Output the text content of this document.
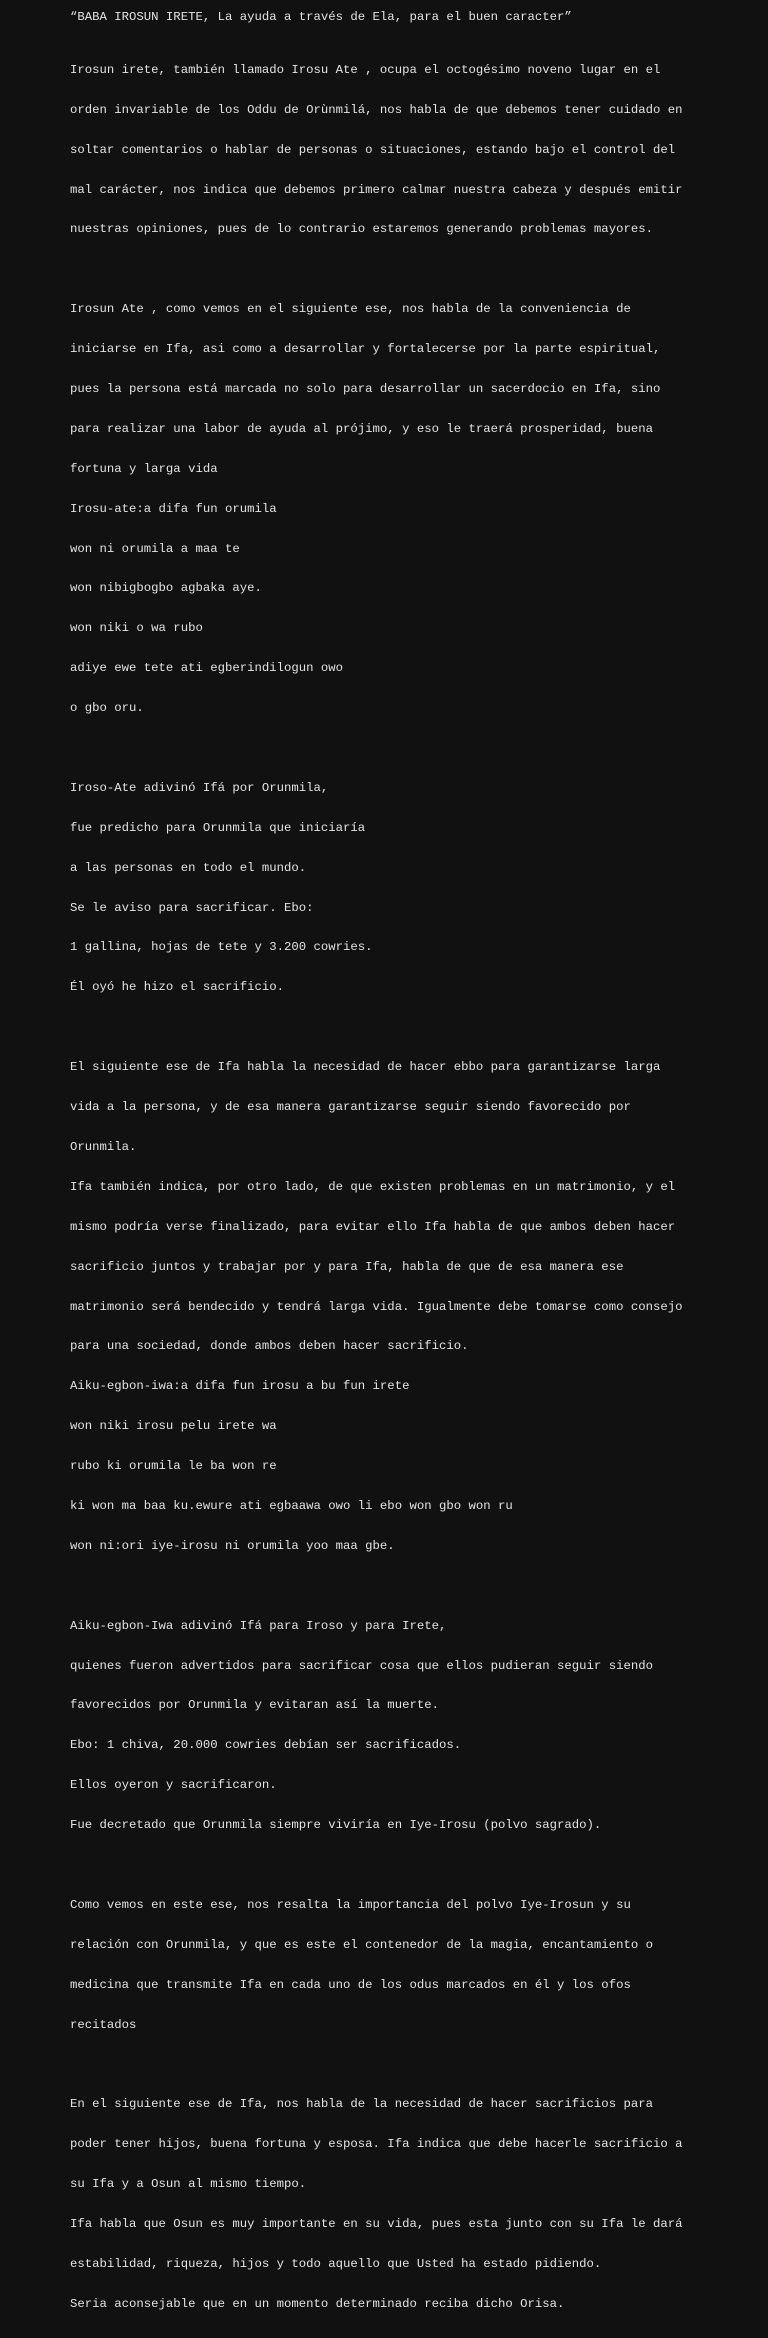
“BABA IROSUN IRETE, La ayuda a través de Ela, para el buen caracter”

Irosun irete, también llamado Irosu Ate , ocupa el octogésimo noveno lugar en el

orden invariable de los Oddu de Orùnmilá, nos habla de que debemos tener cuidado en

soltar comentarios o hablar de personas o situaciones, estando bajo el control del

mal carácter, nos indica que debemos primero calmar nuestra cabeza y después emitir

nuestras opiniones, pues de lo contrario estaremos generando problemas mayores.

Irosun Ate , como vemos en el siguiente ese, nos habla de la conveniencia de

iniciarse en Ifa, asi como a desarrollar y fortalecerse por la parte espiritual,

pues la persona está marcada no solo para desarrollar un sacerdocio en Ifa, sino

para realizar una labor de ayuda al prójimo, y eso le traerá prosperidad, buena

fortuna y larga vida

Irosu-ate:a difa fun orumila

won ni orumila a maa te

won nibigbogbo agbaka aye.

won niki o wa rubo

adiye ewe tete ati egberindilogun owo

o gbo oru.

Iroso-Ate adivinó Ifá por Orunmila,

fue predicho para Orunmila que iniciaría

a las personas en todo el mundo.

Se le aviso para sacrificar. Ebo:

1 gallina, hojas de tete y 3.200 cowries.

Él oyó he hizo el sacrificio.

El siguiente ese de Ifa habla la necesidad de hacer ebbo para garantizarse larga

vida a la persona, y de esa manera garantizarse seguir siendo favorecido por

Orunmila.

Ifa también indica, por otro lado, de que existen problemas en un matrimonio, y el

mismo podría verse finalizado, para evitar ello Ifa habla de que ambos deben hacer

sacrificio juntos y trabajar por y para Ifa, habla de que de esa manera ese

matrimonio será bendecido y tendrá larga vida. Igualmente debe tomarse como consejo

para una sociedad, donde ambos deben hacer sacrificio.

Aiku-egbon-iwa:a difa fun irosu a bu fun irete

won niki irosu pelu irete wa

rubo ki orumila le ba won re

ki won ma baa ku.ewure ati egbaawa owo li ebo won gbo won ru

won ni:ori iye-irosu ni orumila yoo maa gbe.

Aiku-egbon-Iwa adivinó Ifá para Iroso y para Irete,

quienes fueron advertidos para sacrificar cosa que ellos pudieran seguir siendo

favorecidos por Orunmila y evitaran así la muerte.

Ebo: 1 chiva, 20.000 cowries debían ser sacrificados.

Ellos oyeron y sacrificaron.

Fue decretado que Orunmila siempre viviría en Iye-Irosu (polvo sagrado).

Como vemos en este ese, nos resalta la importancia del polvo Iye-Irosun y su

relación con Orunmila, y que es este el contenedor de la magia, encantamiento o

medicina que transmite Ifa en cada uno de los odus marcados en él y los ofos

recitados

En el siguiente ese de Ifa, nos habla de la necesidad de hacer sacrificios para

poder tener hijos, buena fortuna y esposa. Ifa indica que debe hacerle sacrificio a

su Ifa y a Osun al mismo tiempo.

Ifa habla que Osun es muy importante en su vida, pues esta junto con su Ifa le dará

estabilidad, riqueza, hijos y todo aquello que Usted ha estado pidiendo.

Seria aconsejable que en un momento determinado reciba dicho Orisa.
